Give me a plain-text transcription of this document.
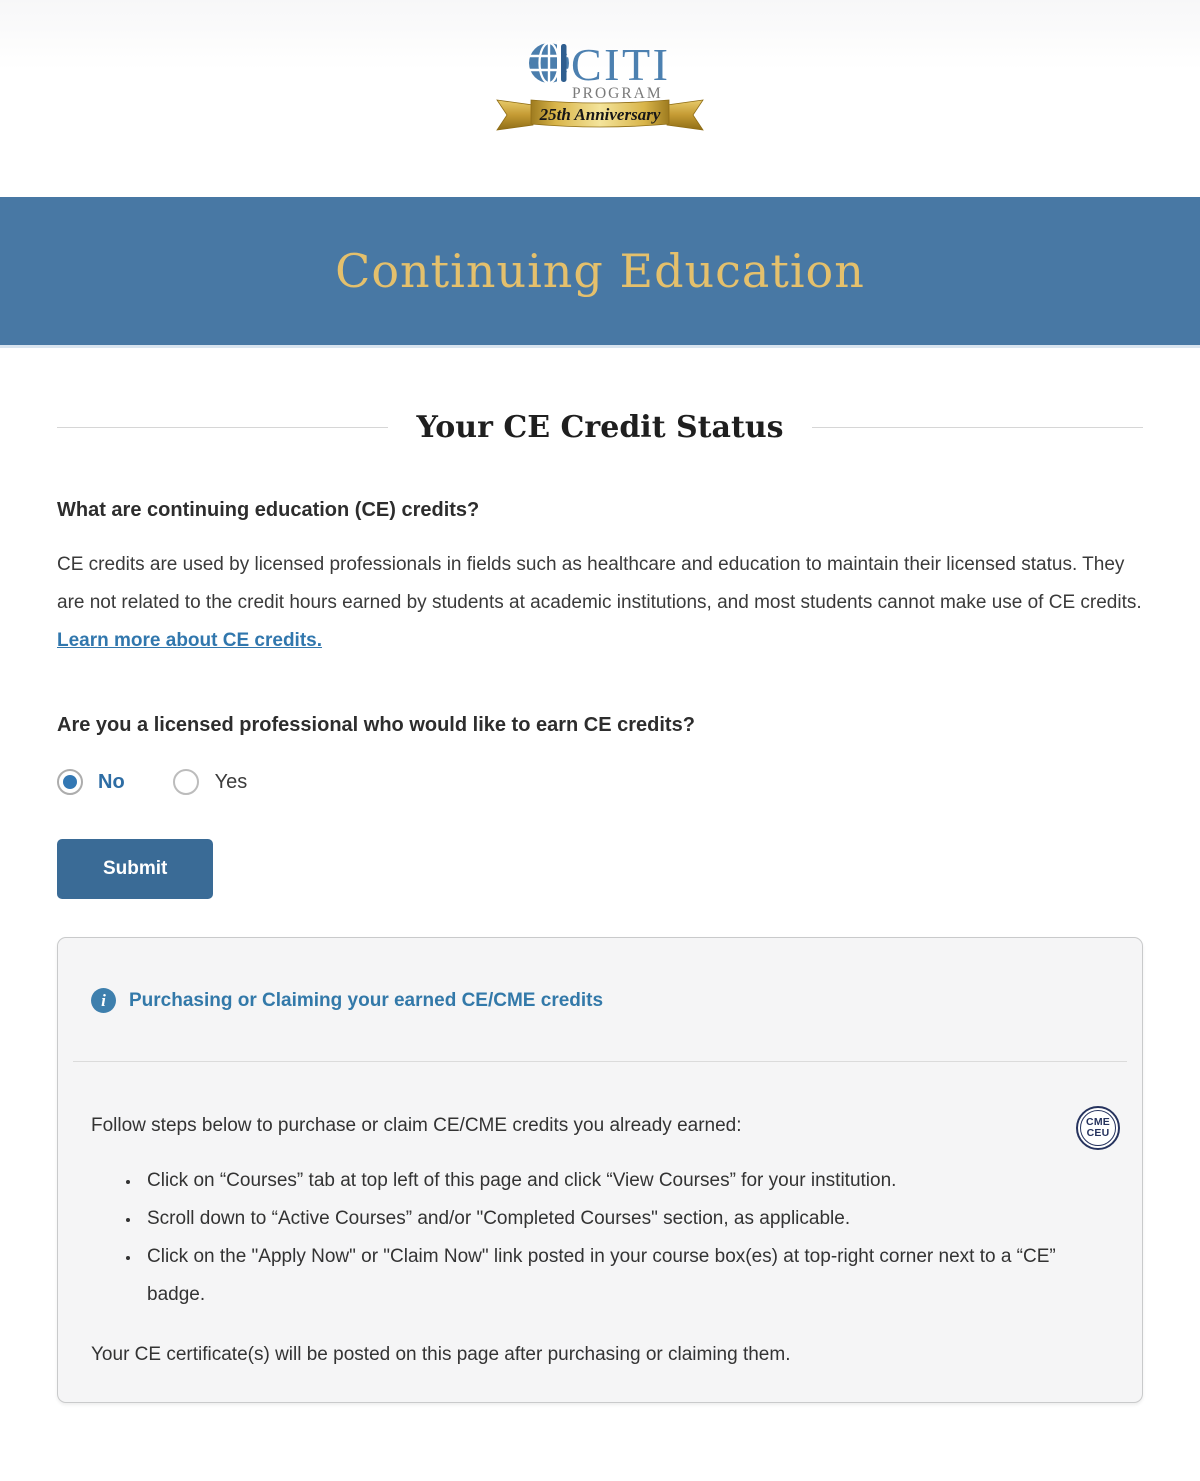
CITI
PROGRAM
25th Anniversary
Continuing Education
Your CE Credit Status
What are continuing education (CE) credits?

CE credits are used by licensed professionals in fields such as healthcare and education to maintain their licensed status. They are not related to the credit hours earned by students at academic institutions, and most students cannot make use of CE credits. Learn more about CE credits.

Are you a licensed professional who would like to earn CE credits?
No	Yes
Submit
i	Purchasing or Claiming your earned CE/CME credits
Follow steps below to purchase or claim CE/CME credits you already earned:	CME
CEU
• Click on “Courses” tab at top left of this page and click “View Courses” for your institution.
• Scroll down to “Active Courses” and/or "Completed Courses" section, as applicable.
• Click on the "Apply Now" or "Claim Now" link posted in your course box(es) at top-right corner next to a “CE” badge.

Your CE certificate(s) will be posted on this page after purchasing or claiming them.
